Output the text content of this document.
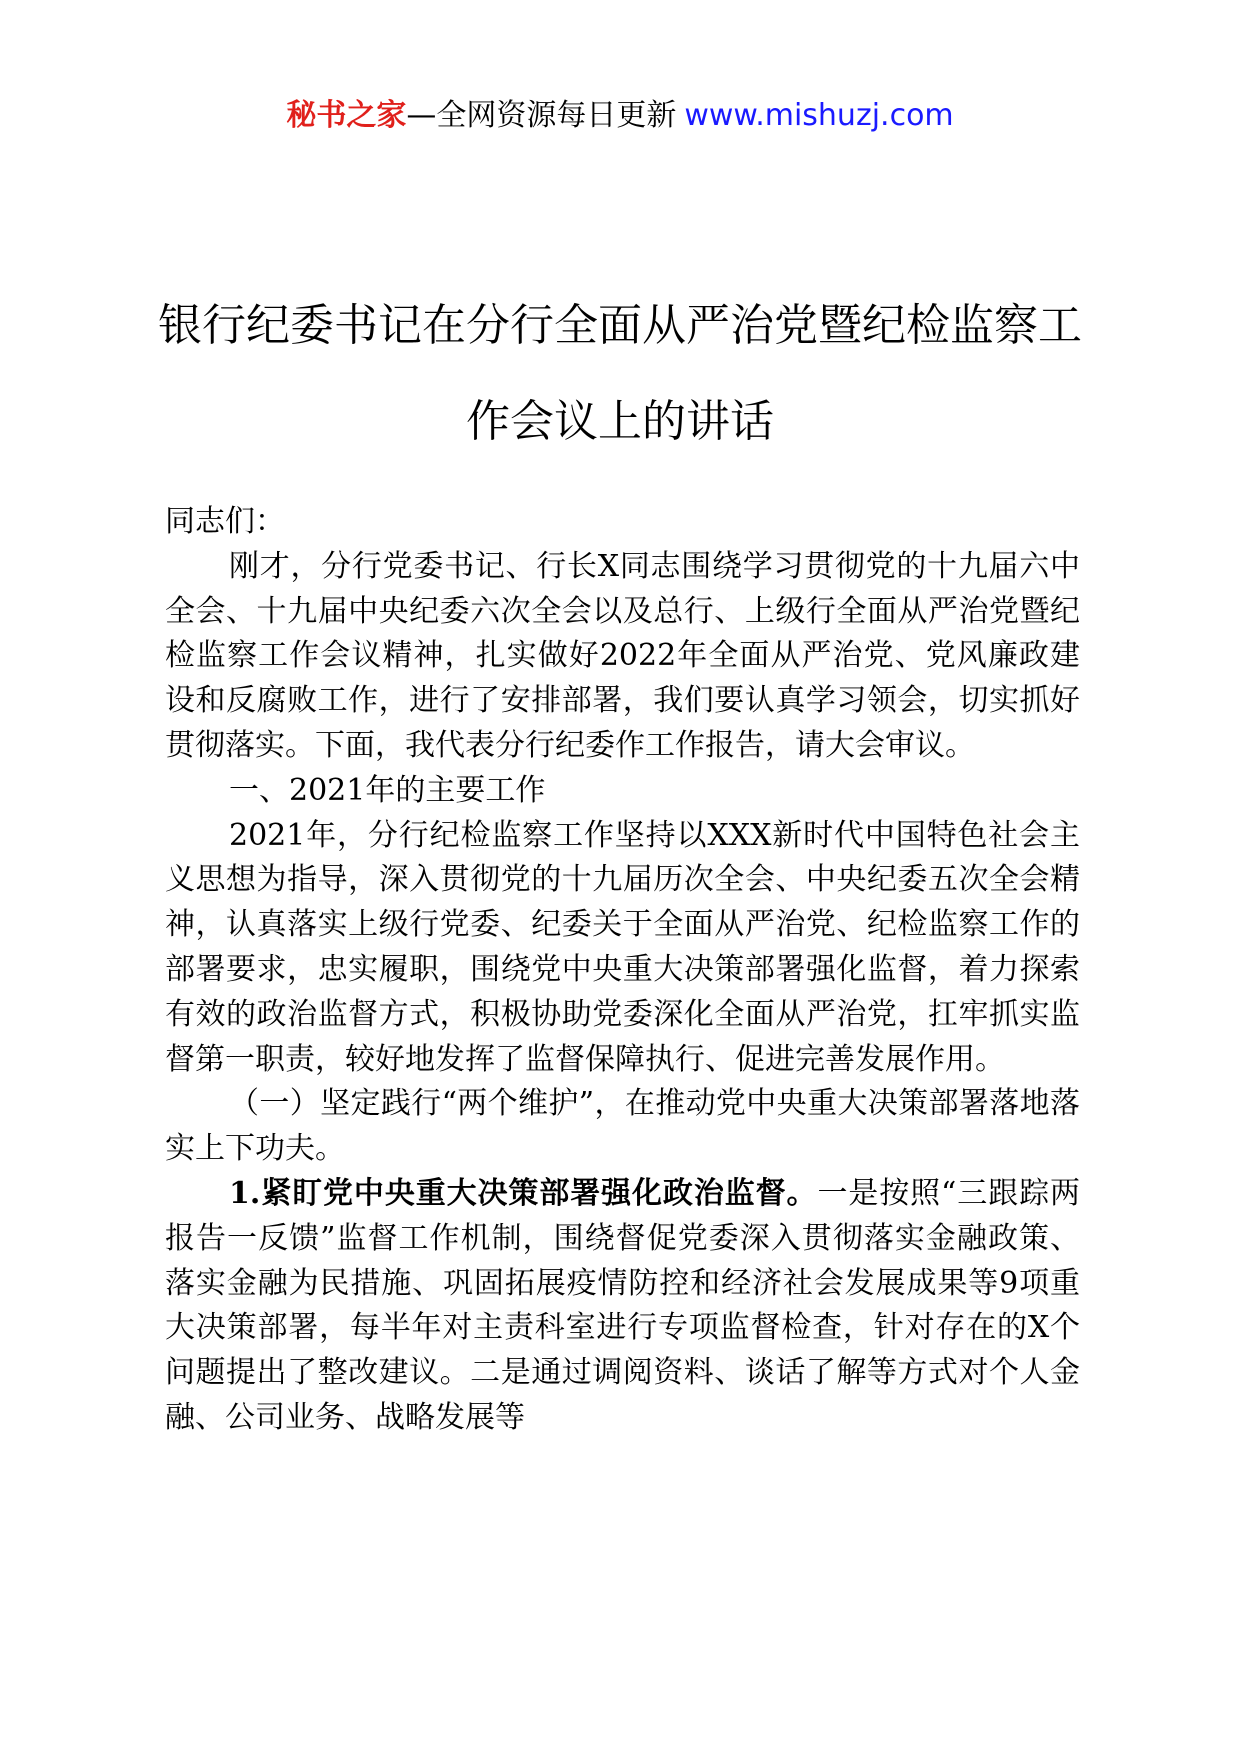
秘书之家—全网资源每日更新 www.mishuzj.com
银行纪委书记在分行全面从严治党暨纪检监察工作会议上的讲话

同志们：

刚才，分行党委书记、行长X同志围绕学习贯彻党的十九届六中全会、十九届中央纪委六次全会以及总行、上级行全面从严治党暨纪检监察工作会议精神，扎实做好2022年全面从严治党、党风廉政建设和反腐败工作，进行了安排部署，我们要认真学习领会，切实抓好贯彻落实。下面，我代表分行纪委作工作报告，请大会审议。

一、2021年的主要工作

2021年，分行纪检监察工作坚持以XXX新时代中国特色社会主义思想为指导，深入贯彻党的十九届历次全会、中央纪委五次全会精神，认真落实上级行党委、纪委关于全面从严治党、纪检监察工作的部署要求，忠实履职，围绕党中央重大决策部署强化监督，着力探索有效的政治监督方式，积极协助党委深化全面从严治党，扛牢抓实监督第一职责，较好地发挥了监督保障执行、促进完善发展作用。

（一）坚定践行“两个维护”，在推动党中央重大决策部署落地落实上下功夫。

1.紧盯党中央重大决策部署强化政治监督。一是按照“三跟踪两报告一反馈”监督工作机制，围绕督促党委深入贯彻落实金融政策、落实金融为民措施、巩固拓展疫情防控和经济社会发展成果等9项重大决策部署，每半年对主责科室进行专项监督检查，针对存在的X个问题提出了整改建议。二是通过调阅资料、谈话了解等方式对个人金融、公司业务、战略发展等
